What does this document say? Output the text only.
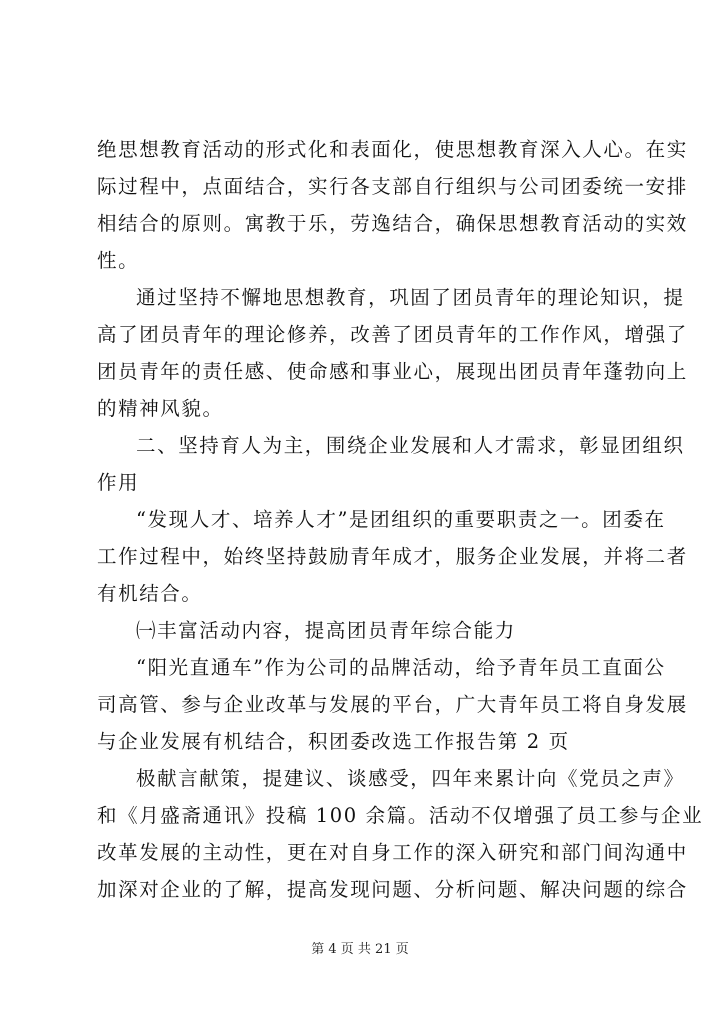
绝思想教育活动的形式化和表面化，使思想教育深入人心。在实
际过程中，点面结合，实行各支部自行组织与公司团委统一安排
相结合的原则。寓教于乐，劳逸结合，确保思想教育活动的实效
性。
通过坚持不懈地思想教育，巩固了团员青年的理论知识，提
高了团员青年的理论修养，改善了团员青年的工作作风，增强了
团员青年的责任感、使命感和事业心，展现出团员青年蓬勃向上
的精神风貌。
二、坚持育人为主，围绕企业发展和人才需求，彰显团组织
作用
“发现人才、培养人才”是团组织的重要职责之一。团委在
工作过程中，始终坚持鼓励青年成才，服务企业发展，并将二者
有机结合。
㈠丰富活动内容，提高团员青年综合能力
“阳光直通车”作为公司的品牌活动，给予青年员工直面公
司高管、参与企业改革与发展的平台，广大青年员工将自身发展
与企业发展有机结合，积团委改选工作报告第 2 页
极献言献策，提建议、谈感受，四年来累计向《党员之声》
和《月盛斋通讯》投稿 100 余篇。活动不仅增强了员工参与企业
改革发展的主动性，更在对自身工作的深入研究和部门间沟通中
加深对企业的了解，提高发现问题、分析问题、解决问题的综合
第 4 页 共 21 页
